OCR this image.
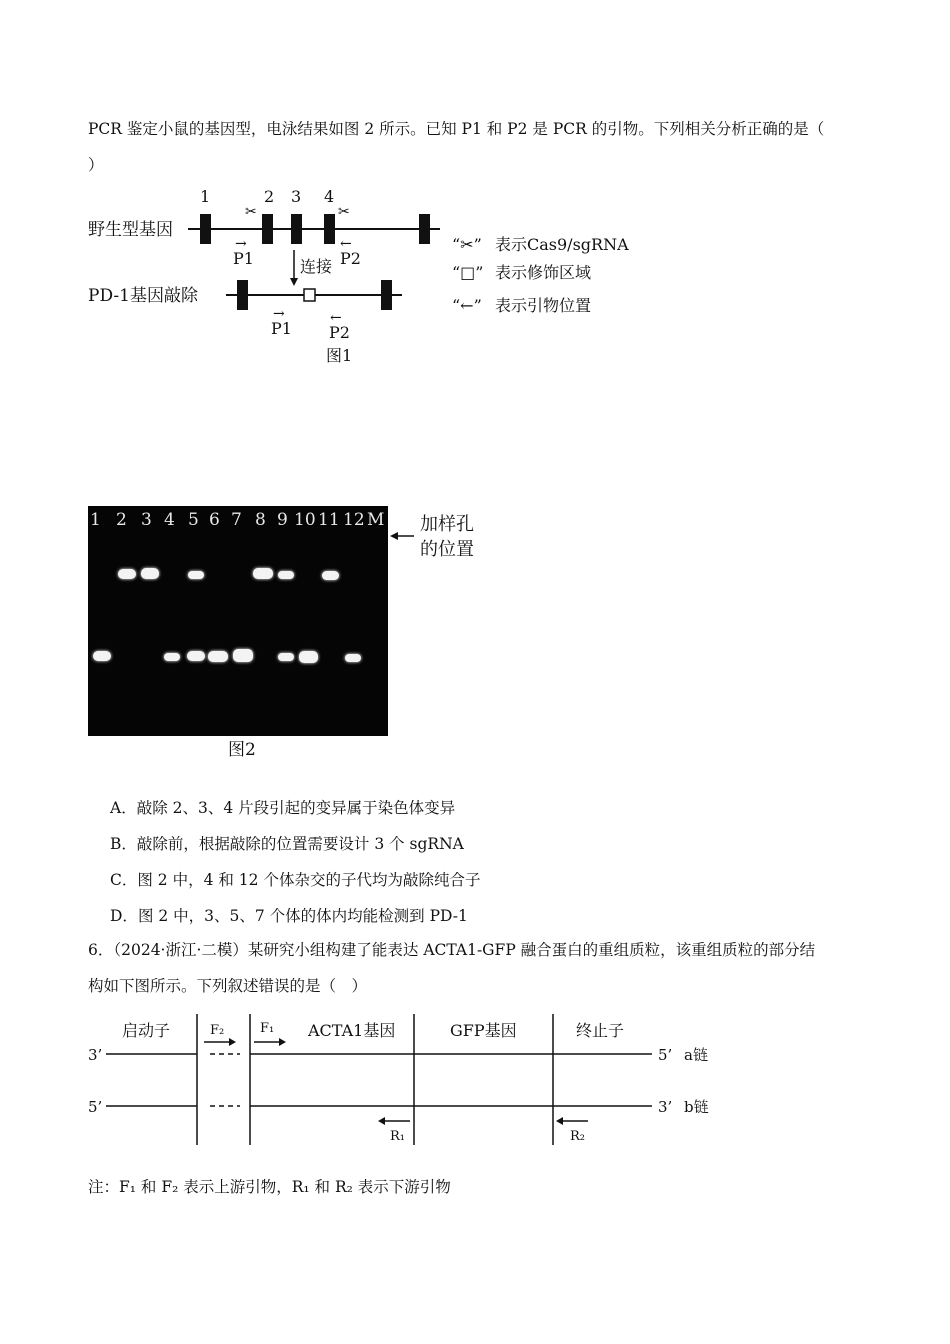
PCR 鉴定小鼠的基因型，电泳结果如图 2 所示。已知 P1 和 P2 是 PCR 的引物。下列相关分析正确的是（
）
1	2 3 4
野生型基因
✂	✂
→
P1
←
P2
连接
PD-1基因敲除
→
P1
←
P2
图1
“✂” 表示Cas9/sgRNA
“□” 表示修饰区域
“←” 表示引物位置
1 2 3 4 5 6 7 8 9 10 11 12 M 加样孔
的位置
图2
A．敲除 2、3、4 片段引起的变异属于染色体变异
B．敲除前，根据敲除的位置需要设计 3 个 sgRNA
C．图 2 中，4 和 12 个体杂交的子代均为敲除纯合子
D．图 2 中，3、5、7 个体的体内均能检测到 PD-1
6．（2024·浙江·二模）某研究小组构建了能表达 ACTA1-GFP 融合蛋白的重组质粒，该重组质粒的部分结
构如下图所示。下列叙述错误的是（　）
启动子	ACTA1基因	GFP基因	终止子
F₂	F₁
3’	5’ a链
5’	3’ b链
R₁	R₂
注：F₁ 和 F₂ 表示上游引物，R₁ 和 R₂ 表示下游引物
